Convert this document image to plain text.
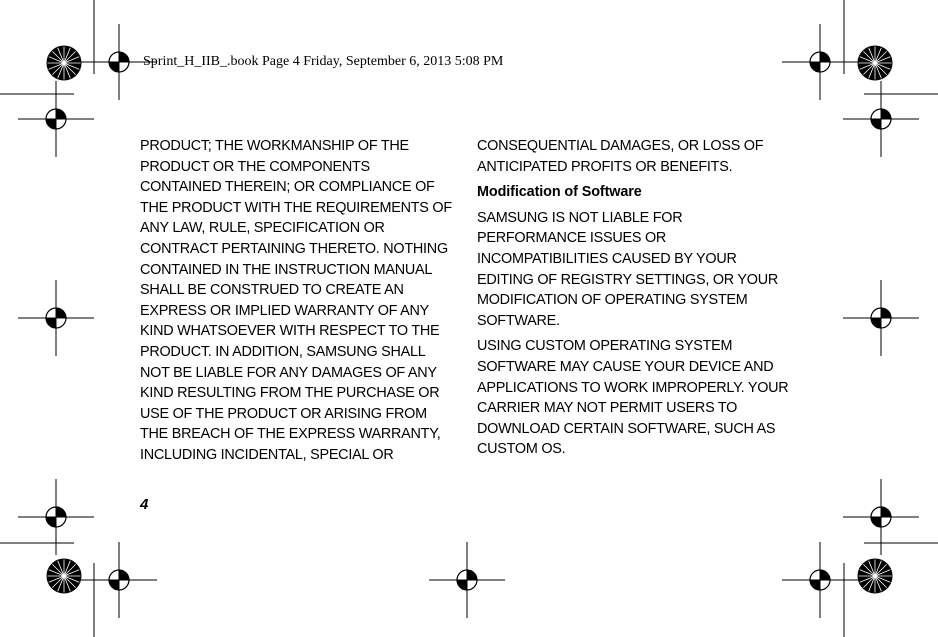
Sprint_H_IIB_.book Page 4 Friday, September 6, 2013 5:08 PM

PRODUCT; THE WORKMANSHIP OF THE PRODUCT OR THE COMPONENTS CONTAINED THEREIN; OR COMPLIANCE OF THE PRODUCT WITH THE REQUIREMENTS OF ANY LAW, RULE, SPECIFICATION OR CONTRACT PERTAINING THERETO. NOTHING CONTAINED IN THE INSTRUCTION MANUAL SHALL BE CONSTRUED TO CREATE AN EXPRESS OR IMPLIED WARRANTY OF ANY KIND WHATSOEVER WITH RESPECT TO THE PRODUCT. IN ADDITION, SAMSUNG SHALL NOT BE LIABLE FOR ANY DAMAGES OF ANY KIND RESULTING FROM THE PURCHASE OR USE OF THE PRODUCT OR ARISING FROM THE BREACH OF THE EXPRESS WARRANTY, INCLUDING INCIDENTAL, SPECIAL OR

CONSEQUENTIAL DAMAGES, OR LOSS OF ANTICIPATED PROFITS OR BENEFITS.

Modification of Software

SAMSUNG IS NOT LIABLE FOR PERFORMANCE ISSUES OR INCOMPATIBILITIES CAUSED BY YOUR EDITING OF REGISTRY SETTINGS, OR YOUR MODIFICATION OF OPERATING SYSTEM SOFTWARE.

USING CUSTOM OPERATING SYSTEM SOFTWARE MAY CAUSE YOUR DEVICE AND APPLICATIONS TO WORK IMPROPERLY. YOUR CARRIER MAY NOT PERMIT USERS TO DOWNLOAD CERTAIN SOFTWARE, SUCH AS CUSTOM OS.

4
